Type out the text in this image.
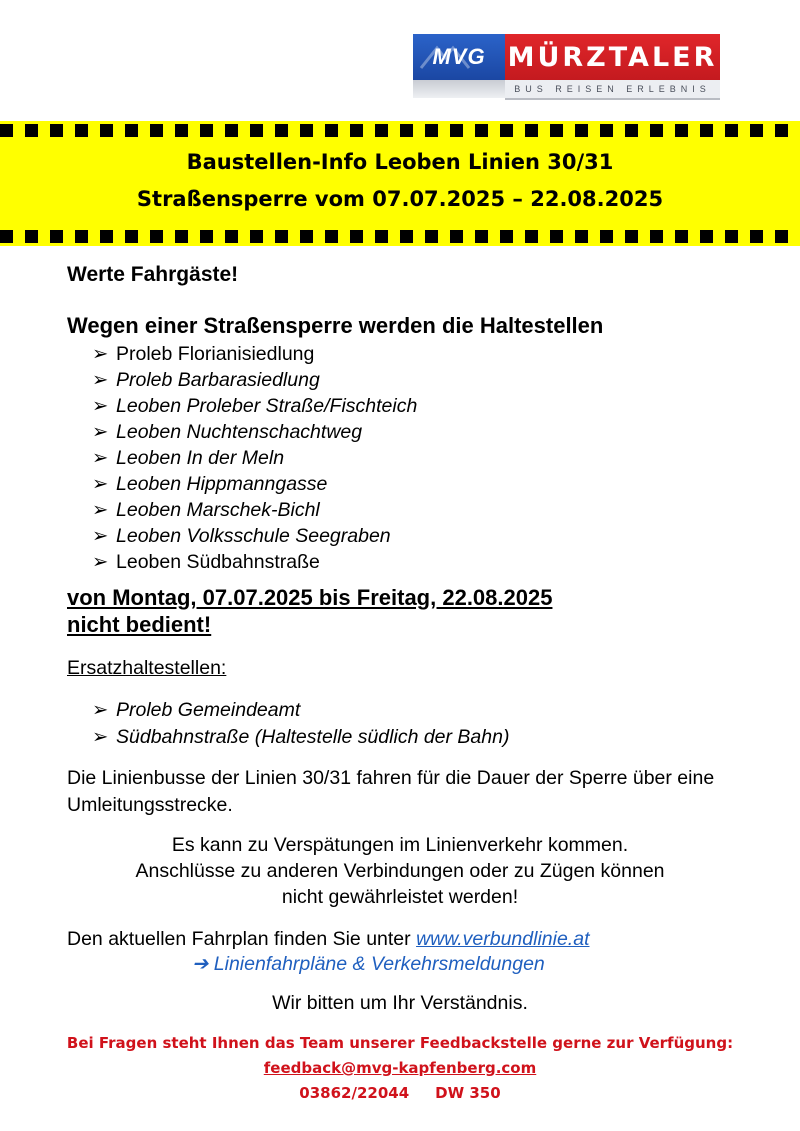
MVG MÜRZTALER
BUS REISEN ERLEBNIS
Baustellen-Info Leoben Linien 30/31
Straßensperre vom 07.07.2025 – 22.08.2025
Werte Fahrgäste!
Wegen einer Straßensperre werden die Haltestellen
➢ Proleb Florianisiedlung
➢ Proleb Barbarasiedlung
➢ Leoben Proleber Straße/Fischteich
➢ Leoben Nuchtenschachtweg
➢ Leoben In der Meln
➢ Leoben Hippmanngasse
➢ Leoben Marschek-Bichl
➢ Leoben Volksschule Seegraben
➢ Leoben Südbahnstraße
von Montag, 07.07.2025 bis Freitag, 22.08.2025
nicht bedient!
Ersatzhaltestellen:
➢ Proleb Gemeindeamt
➢ Südbahnstraße (Haltestelle südlich der Bahn)
Die Linienbusse der Linien 30/31 fahren für die Dauer der Sperre über eine Umleitungsstrecke.
Es kann zu Verspätungen im Linienverkehr kommen.
Anschlüsse zu anderen Verbindungen oder zu Zügen können
nicht gewährleistet werden!
Den aktuellen Fahrplan finden Sie unter www.verbundlinie.at
➔ Linienfahrpläne & Verkehrsmeldungen
Wir bitten um Ihr Verständnis.
Bei Fragen steht Ihnen das Team unserer Feedbackstelle gerne zur Verfügung:
feedback@mvg-kapfenberg.com
03862/22044 DW 350
